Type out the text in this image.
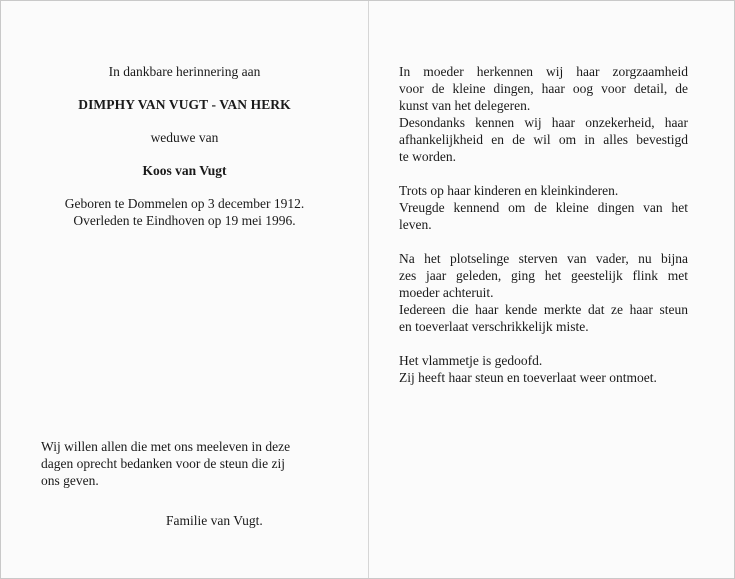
In dankbare herinnering aan
DIMPHY VAN VUGT - VAN HERK
weduwe van
Koos van Vugt
Geboren te Dommelen op 3 december 1912.
Overleden te Eindhoven op 19 mei 1996.
Wij willen allen die met ons meeleven in deze
dagen oprecht bedanken voor de steun die zij
ons geven.
Familie van Vugt.
In moeder herkennen wij haar zorgzaamheid
voor de kleine dingen, haar oog voor detail, de
kunst van het delegeren.
Desondanks kennen wij haar onzekerheid, haar
afhankelijkheid en de wil om in alles bevestigd
te worden.
Trots op haar kinderen en kleinkinderen.
Vreugde kennend om de kleine dingen van het
leven.
Na het plotselinge sterven van vader, nu bijna
zes jaar geleden, ging het geestelijk flink met
moeder achteruit.
Iedereen die haar kende merkte dat ze haar steun
en toeverlaat verschrikkelijk miste.
Het vlammetje is gedoofd.
Zij heeft haar steun en toeverlaat weer ontmoet.
